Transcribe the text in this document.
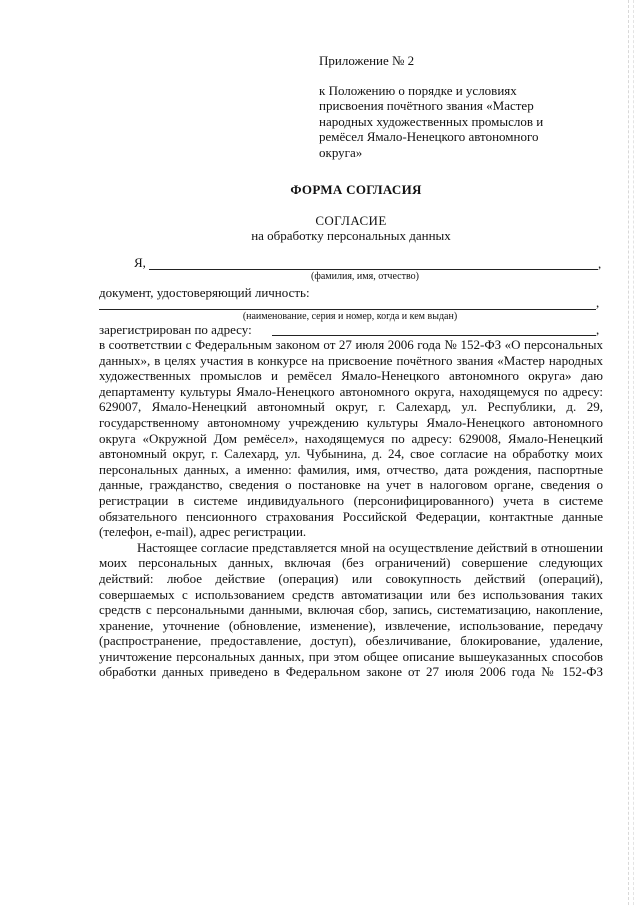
Приложение № 2
к Положению о порядке и условиях
присвоения почётного звания «Мастер
народных художественных промыслов и
ремёсел Ямало-Ненецкого автономного
округа»
ФОРМА СОГЛАСИЯ
СОГЛАСИЕ
на обработку персональных данных
Я,	,
(фамилия, имя, отчество)
документ, удостоверяющий личность:
,
(наименование, серия и номер, когда и кем выдан)
зарегистрирован по адресу:	,

в соответствии с Федеральным законом от 27 июля 2006 года № 152-ФЗ «О персональных данных», в целях участия в конкурсе на присвоение почётного звания «Мастер народных художественных промыслов и ремёсел Ямало-Ненецкого автономного округа» даю департаменту культуры Ямало-Ненецкого автономного округа, находящемуся по адресу: 629007, Ямало-Ненецкий автономный округ, г. Салехард, ул. Республики, д. 29, государственному автономному учреждению культуры Ямало-Ненецкого автономного округа «Окружной Дом ремёсел», находящемуся по адресу: 629008, Ямало-Ненецкий автономный округ, г. Салехард, ул. Чубынина, д. 24, свое согласие на обработку моих персональных данных, а именно: фамилия, имя, отчество, дата рождения, паспортные данные, гражданство, сведения о постановке на учет в налоговом органе, сведения о регистрации в системе индивидуального (персонифицированного) учета в системе обязательного пенсионного страхования Российской Федерации, контактные данные (телефон, e-mail), адрес регистрации.

Настоящее согласие представляется мной на осуществление действий в отношении моих персональных данных, включая (без ограничений) совершение следующих действий: любое действие (операция) или совокупность действий (операций), совершаемых с использованием средств автоматизации или без использования таких средств с персональными данными, включая сбор, запись, систематизацию, накопление, хранение, уточнение (обновление, изменение), извлечение, использование, передачу (распространение, предоставление, доступ), обезличивание, блокирование, удаление, уничтожение персональных данных, при этом общее описание вышеуказанных способов обработки данных приведено в Федеральном законе от 27 июля 2006 года № 152-ФЗ
